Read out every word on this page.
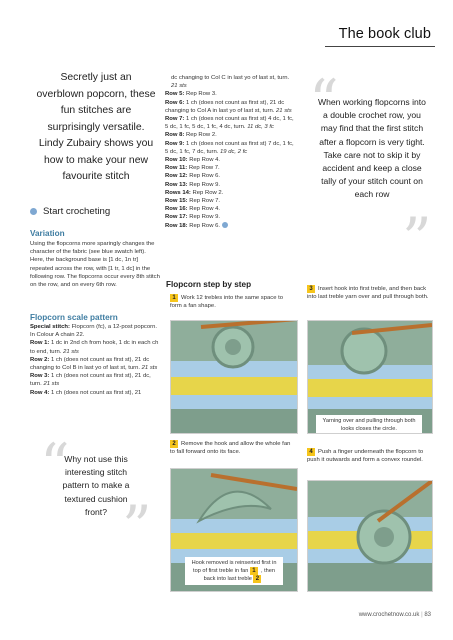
The book club
Secretly just an overblown popcorn, these fun stitches are surprisingly versatile. Lindy Zubairy shows you how to make your new favourite stitch
Start crocheting
Variation
Using the flopcorns more sparingly changes the character of the fabric (see blue swatch left). Here, the background base is [1 dc, 1n tr] repeated across the row, with [1 tr, 1 dc] in the following row. The flopcorns occur every 8th stitch on the row, and on every 6th row.
Flopcorn scale pattern
Special stitch: Flopcorn (fc), a 12-post popcorn.
In Colour A chain 22.
Row 1: 1 dc in 2nd ch from hook, 1 dc in each ch to end, turn. 21 sts
Row 2: 1 ch (does not count as first st), 21 dc changing to Col B in last yo of last st, turn. 21 sts
Row 3: 1 ch (does not count as first st), 21 dc, turn. 21 sts
Row 4: 1 ch (does not count as first st), 21
dc changing to Col C in last yo of last st, turn. 21 sts
Row 5: Rep Row 3.
Row 6: 1 ch (does not count as first st), 21 dc changing to Col A in last yo of last st, turn. 21 sts
Row 7: 1 ch (does not count as first st) 4 dc, 1 fc, 5 dc, 1 fc, 5 dc, 1 fc, 4 dc, turn. 11 dc, 3 fc
Row 8: Rep Row 2.
Row 9: 1 ch (does not count as first st) 7 dc, 1 fc, 5 dc, 1 fc, 7 dc, turn. 19 dc, 2 fc
Row 10: Rep Row 4.
Row 11: Rep Row 7.
Row 12: Rep Row 6.
Row 13: Rep Row 9.
Rows 14: Rep Row 2.
Row 15: Rep Row 7.
Row 16: Rep Row 4.
Row 17: Rep Row 9.
Row 18: Rep Row 6.
“
When working flopcorns into a double crochet row, you may find that the first stitch after a flopcorn is very tight. Take care not to skip it by accident and keep a close tally of your stitch count on each row
”
“
Why not use this interesting stitch pattern to make a textured cushion front? ”
Flopcorn step by step
1 Work 12 trebles into the same space to form a fan shape.
3 Insert hook into first treble, and then back into last treble yarn over and pull through both.
Yarning over and pulling through both looks closes the circle.
2 Remove the hook and allow the whole fan to fall forward onto its face.	4 Push a finger underneath the flopcorn to push it outwards and form a convex roundel.
Hook removed is reinserted first in top of first treble in fan 1 , then back into last treble 2
www.crochetnow.co.uk | 83
